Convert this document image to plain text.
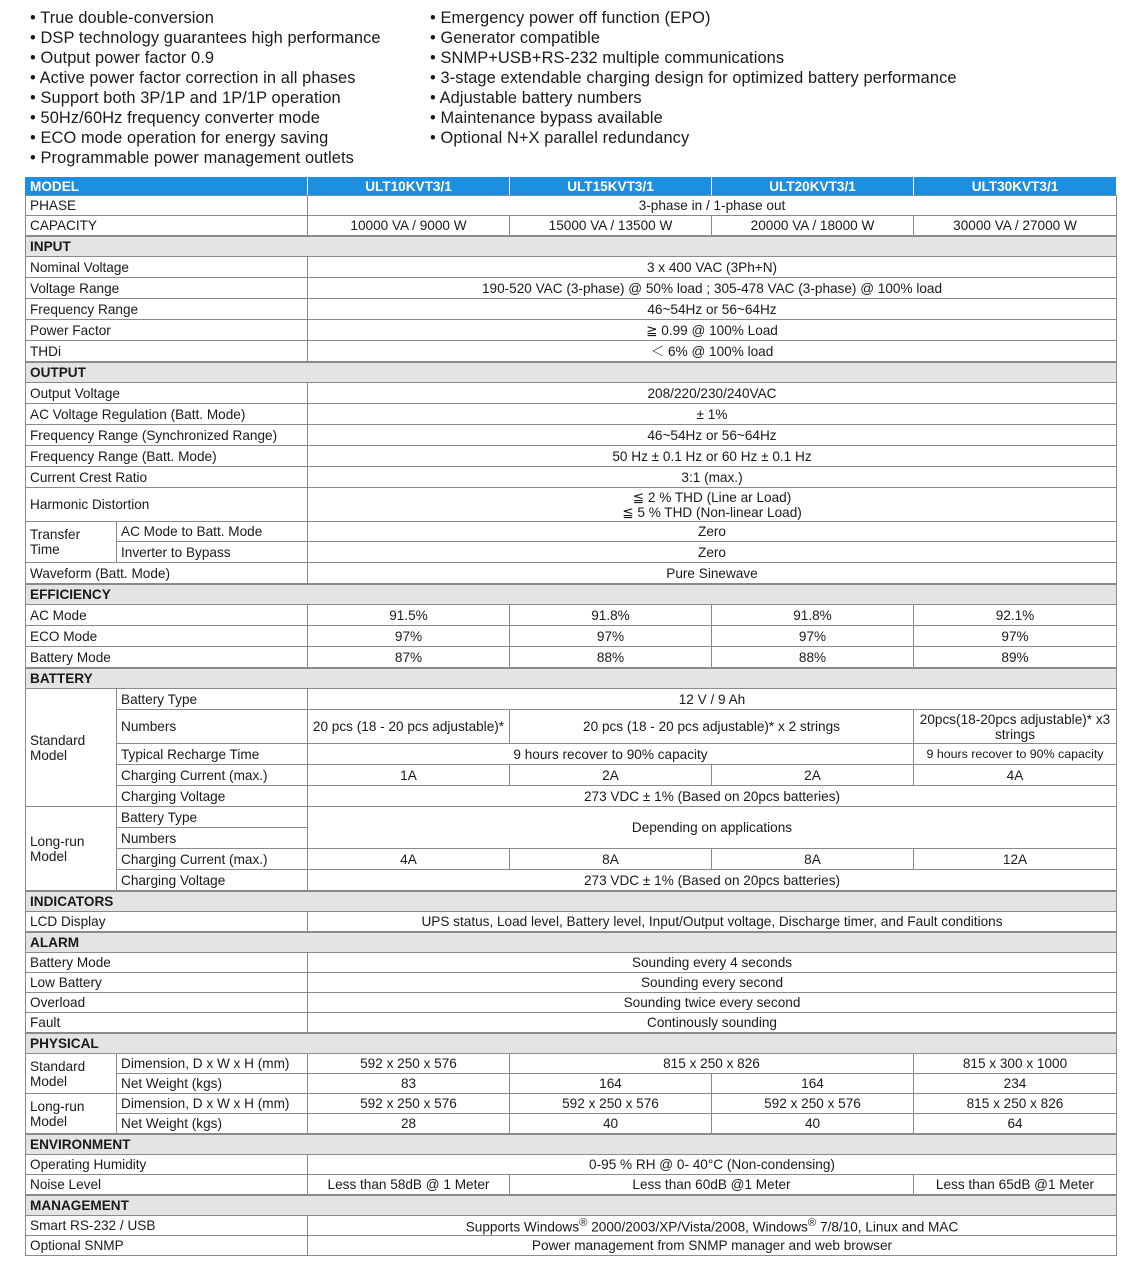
• True double-conversion
• DSP technology guarantees high performance
• Output power factor 0.9
• Active power factor correction in all phases
• Support both 3P/1P and 1P/1P operation
• 50Hz/60Hz frequency converter mode
• ECO mode operation for energy saving
• Programmable power management outlets
• Emergency power off function (EPO)
• Generator compatible
• SNMP+USB+RS-232 multiple communications
• 3-stage extendable charging design for optimized battery performance
• Adjustable battery numbers
• Maintenance bypass available
• Optional N+X parallel redundancy
MODEL		ULT10KVT3/1	ULT15KVT3/1	ULT20KVT3/1	ULT30KVT3/1
PHASE		3-phase in / 1-phase out			
CAPACITY		10000 VA / 9000 W	15000 VA / 13500 W	20000 VA / 18000 W	30000 VA / 27000 W
INPUT					
Nominal Voltage		3 x 400 VAC (3Ph+N)			
Voltage Range		190-520 VAC (3-phase) @ 50% load ; 305-478 VAC (3-phase) @ 100% load			
Frequency Range		46~54Hz or 56~64Hz			
Power Factor		≧ 0.99 @ 100% Load			
THDi		＜ 6% @ 100% load			
OUTPUT					
Output Voltage		208/220/230/240VAC			
AC Voltage Regulation (Batt. Mode)		± 1%			
Frequency Range (Synchronized Range)		46~54Hz or 56~64Hz			
Frequency Range (Batt. Mode)		50 Hz ± 0.1 Hz or 60 Hz ± 0.1 Hz			
Current Crest Ratio		3:1 (max.)			
Harmonic Distortion		≦ 2 % THD (Line ar Load)
≦ 5 % THD (Non-linear Load)			

Transfer Time	AC Mode to Batt. Mode	Zero			
	Inverter to Bypass	Zero			
Waveform (Batt. Mode)		Pure Sinewave			
EFFICIENCY					
AC Mode		91.5%	91.8%	91.8%	92.1%
ECO Mode		97%	97%	97%	97%
Battery Mode		87%	88%	88%	89%
BATTERY					
Standard Model	Battery Type	12 V / 9 Ah			
	Numbers	20 pcs (18 - 20 pcs adjustable)*	20 pcs (18 - 20 pcs adjustable)* x 2 strings		20pcs(18-20pcs adjustable)* x3 strings
	Typical Recharge Time	9 hours recover to 90% capacity			9 hours recover to 90% capacity
	Charging Current (max.)	1A	2A	2A	4A
	Charging Voltage	273 VDC ± 1% (Based on 20pcs batteries)			
Long-run Model	Battery Type	Depending on applications			
	Numbers				
	Charging Current (max.)	4A	8A	8A	12A
	Charging Voltage	273 VDC ± 1% (Based on 20pcs batteries)			
INDICATORS					
LCD Display		UPS status, Load level, Battery level, Input/Output voltage, Discharge timer, and Fault conditions			
ALARM					
Battery Mode		Sounding every 4 seconds			
Low Battery		Sounding every second			
Overload		Sounding twice every second			
Fault		Continously sounding			
PHYSICAL					
Standard Model	Dimension, D x W x H (mm)	592 x 250 x 576	815 x 250 x 826		815 x 300 x 1000
	Net Weight (kgs)	83	164	164	234
Long-run Model	Dimension, D x W x H (mm)	592 x 250 x 576	592 x 250 x 576	592 x 250 x 576	815 x 250 x 826
	Net Weight (kgs)	28	40	40	64
ENVIRONMENT					
Operating Humidity		0-95 % RH @ 0- 40°C (Non-condensing)			
Noise Level		Less than 58dB @ 1 Meter	Less than 60dB @1 Meter		Less than 65dB @1 Meter
MANAGEMENT					
Smart RS-232 / USB		Supports Windows® 2000/2003/XP/Vista/2008, Windows® 7/8/10, Linux and MAC			
Optional SNMP		Power management from SNMP manager and web browser			
